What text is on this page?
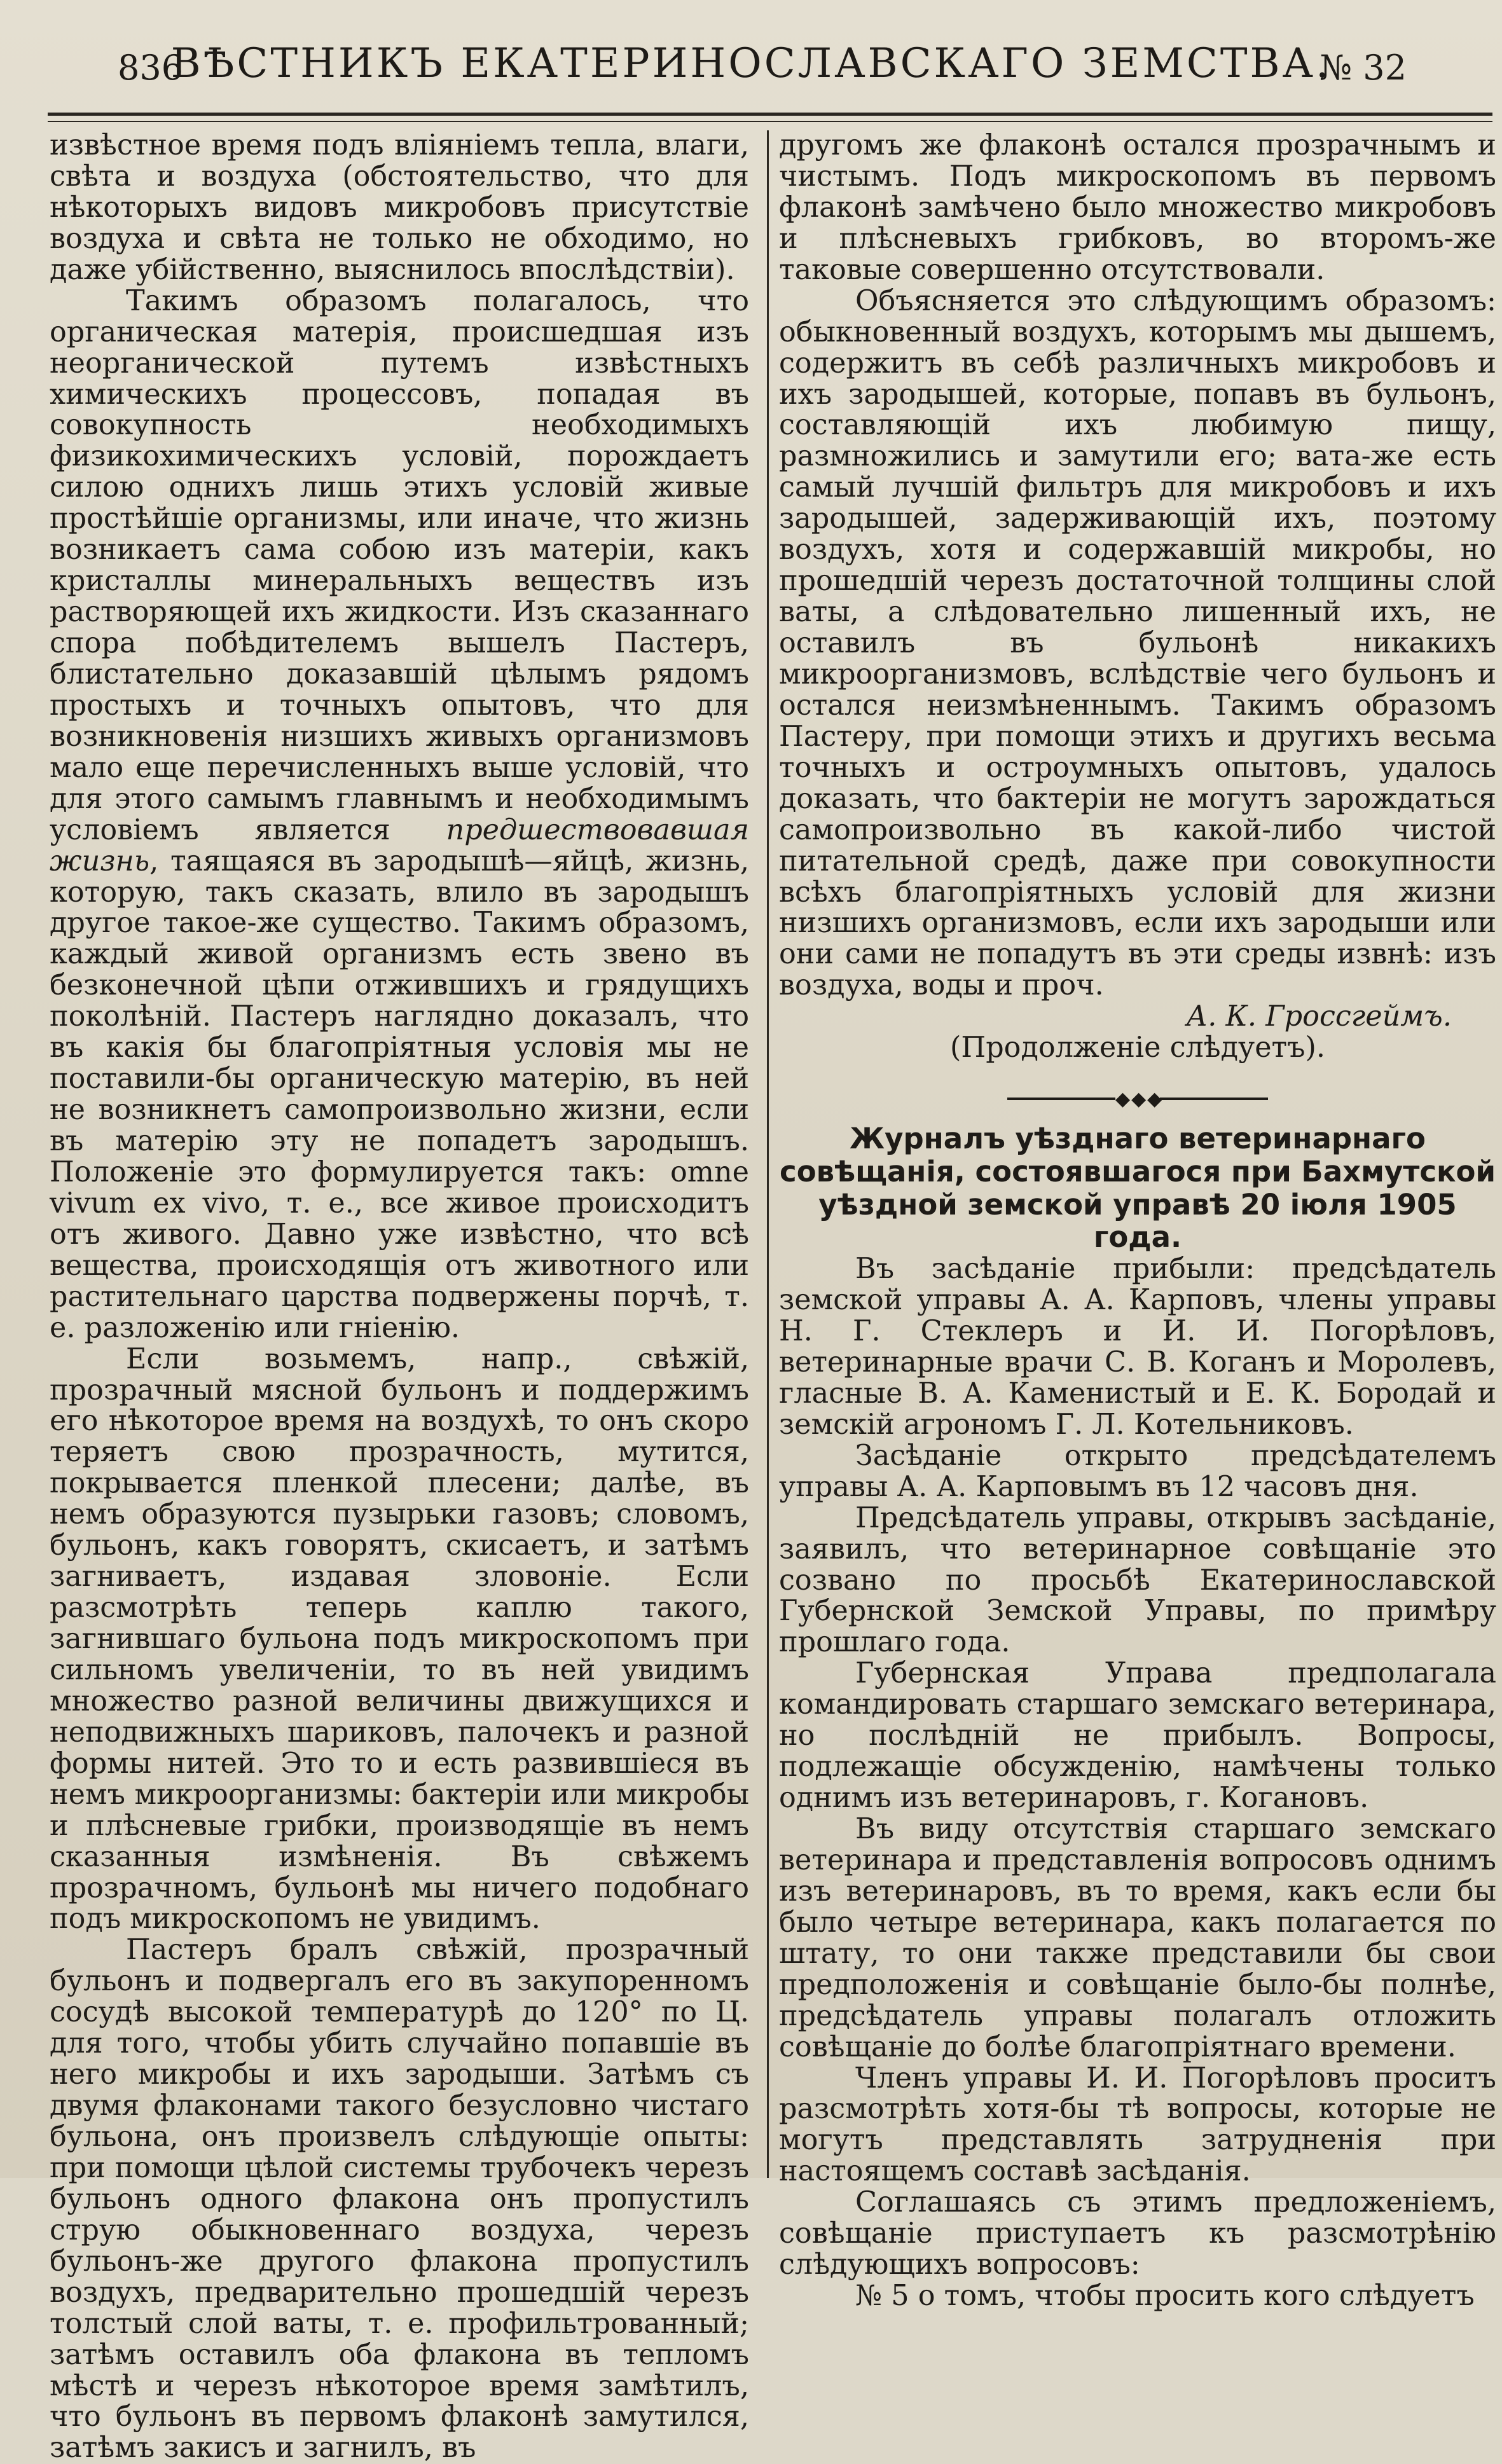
836
ВѢСТНИКЪ ЕКАТЕРИНОСЛАВСКАГО ЗЕМСТВА.
№ 32

извѣстное время подъ вліяніемъ тепла, влаги, свѣта и воздуха (обстоятельство, что для нѣкоторыхъ видовъ микробовъ присутствіе воздуха и свѣта не только не обходимо, но даже убійственно, выяснилось впослѣдствіи).

Такимъ образомъ полагалось, что органическая матерія, происшедшая изъ неорганической путемъ извѣстныхъ химическихъ процессовъ, попадая въ совокупность необходимыхъ физикохимическихъ условій, порождаетъ силою однихъ лишь этихъ условій живые простѣйшіе организмы, или иначе, что жизнь возникаетъ сама собою изъ матеріи, какъ кристаллы минеральныхъ веществъ изъ растворяющей ихъ жидкости. Изъ сказаннаго спора побѣдителемъ вышелъ Пастеръ, блистательно доказавшій цѣлымъ рядомъ простыхъ и точныхъ опытовъ, что для возникновенія низшихъ живыхъ организмовъ мало еще перечисленныхъ выше условій, что для этого самымъ главнымъ и необходимымъ условіемъ является предшествовавшая жизнь, таящаяся въ зародышѣ—яйцѣ, жизнь, которую, такъ сказать, влило въ зародышъ другое такое-же существо. Такимъ образомъ, каждый живой организмъ есть звено въ безконечной цѣпи отжившихъ и грядущихъ поколѣній. Пастеръ наглядно доказалъ, что въ какія бы благопріятныя условія мы не поставили-бы органическую матерію, въ ней не возникнетъ самопроизвольно жизни, если въ матерію эту не попадетъ зародышъ. Положеніе это формулируется такъ: omne vivum ex vivo, т. е., все живое происходитъ отъ живого. Давно уже извѣстно, что всѣ вещества, происходящія отъ животного или растительнаго царства подвержены порчѣ, т. е. разложенію или гніенію.

Если возьмемъ, напр., свѣжій, прозрачный мясной бульонъ и поддержимъ его нѣкоторое время на воздухѣ, то онъ скоро теряетъ свою прозрачность, мутится, покрывается пленкой плесени; далѣе, въ немъ образуются пузырьки газовъ; словомъ, бульонъ, какъ говорятъ, скисаетъ, и затѣмъ загниваетъ, издавая зловоніе. Если разсмотрѣть теперь каплю такого, загнившаго бульона подъ микроскопомъ при сильномъ увеличеніи, то въ ней увидимъ множество разной величины движущихся и неподвижныхъ шариковъ, палочекъ и разной формы нитей. Это то и есть развившіеся въ немъ микроорганизмы: бактеріи или микробы и плѣсневые грибки, производящіе въ немъ сказанныя измѣненія. Въ свѣжемъ прозрачномъ, бульонѣ мы ничего подобнаго подъ микроскопомъ не увидимъ.

Пастеръ бралъ свѣжій, прозрачный бульонъ и подвергалъ его въ закупоренномъ сосудѣ высокой температурѣ до 120° по Ц. для того, чтобы убить случайно попавшіе въ него микробы и ихъ зародыши. Затѣмъ съ двумя флаконами такого безусловно чистаго бульона, онъ произвелъ слѣдующіе опыты: при помощи цѣлой системы трубочекъ черезъ бульонъ одного флакона онъ пропустилъ струю обыкновеннаго воздуха, черезъ бульонъ-же другого флакона пропустилъ воздухъ, предварительно прошедшій черезъ толстый слой ваты, т. е. профильтрованный; затѣмъ оставилъ оба флакона въ тепломъ мѣстѣ и черезъ нѣкоторое время замѣтилъ, что бульонъ въ первомъ флаконѣ замутился, затѣмъ закисъ и загнилъ, въ

другомъ же флаконѣ остался прозрачнымъ и чистымъ. Подъ микроскопомъ въ первомъ флаконѣ замѣчено было множество микробовъ и плѣсневыхъ грибковъ, во второмъ-же таковые совершенно отсутствовали.

Объясняется это слѣдующимъ образомъ: обыкновенный воздухъ, которымъ мы дышемъ, содержитъ въ себѣ различныхъ микробовъ и ихъ зародышей, которые, попавъ въ бульонъ, составляющій ихъ любимую пищу, размножились и замутили его; вата-же есть самый лучшій фильтръ для микробовъ и ихъ зародышей, задерживающій ихъ, поэтому воздухъ, хотя и содержавшій микробы, но прошедшій черезъ достаточной толщины слой ваты, а слѣдовательно лишенный ихъ, не оставилъ въ бульонѣ никакихъ микроорганизмовъ, вслѣдствіе чего бульонъ и остался неизмѣненнымъ. Такимъ образомъ Пастеру, при помощи этихъ и другихъ весьма точныхъ и остроумныхъ опытовъ, удалось доказать, что бактеріи не могутъ зарождаться самопроизвольно въ какой-либо чистой питательной средѣ, даже при совокупности всѣхъ благопріятныхъ условій для жизни низшихъ организмовъ, если ихъ зародыши или они сами не попадутъ въ эти среды извнѣ: изъ воздуха, воды и проч.

А. К. Гроссгеймъ.

(Продолженіе слѣдуетъ).

◆◆◆

Журналъ уѣзднаго ветеринарнаго совѣщанія, состоявшагося при Бахмутской уѣздной земской управѣ 20 іюля 1905 года.

Въ засѣданіе прибыли: предсѣдатель земской управы А. А. Карповъ, члены управы Н. Г. Стеклеръ и И. И. Погорѣловъ, ветеринарные врачи С. В. Коганъ и Моролевъ, гласные В. А. Каменистый и Е. К. Бородай и земскій агрономъ Г. Л. Котельниковъ.

Засѣданіе открыто предсѣдателемъ управы А. А. Карповымъ въ 12 часовъ дня.

Предсѣдатель управы, открывъ засѣданіе, заявилъ, что ветеринарное совѣщаніе это созвано по просьбѣ Екатеринославской Губернской Земской Управы, по примѣру прошлаго года.

Губернская Управа предполагала командировать старшаго земскаго ветеринара, но послѣдній не прибылъ. Вопросы, подлежащіе обсужденію, намѣчены только однимъ изъ ветеринаровъ, г. Когановъ.

Въ виду отсутствія старшаго земскаго ветеринара и представленія вопросовъ однимъ изъ ветеринаровъ, въ то время, какъ если бы было четыре ветеринара, какъ полагается по штату, то они также представили бы свои предположенія и совѣщаніе было-бы полнѣе, предсѣдатель управы полагалъ отложить совѣщаніе до болѣе благопріятнаго времени.

Членъ управы И. И. Погорѣловъ проситъ разсмотрѣть хотя-бы тѣ вопросы, которые не могутъ представлять затрудненія при настоящемъ составѣ засѣданія.

Соглашаясь съ этимъ предложеніемъ, совѣщаніе приступаетъ къ разсмотрѣнію слѣдующихъ вопросовъ:

№ 5 о томъ, чтобы просить кого слѣдуетъ
